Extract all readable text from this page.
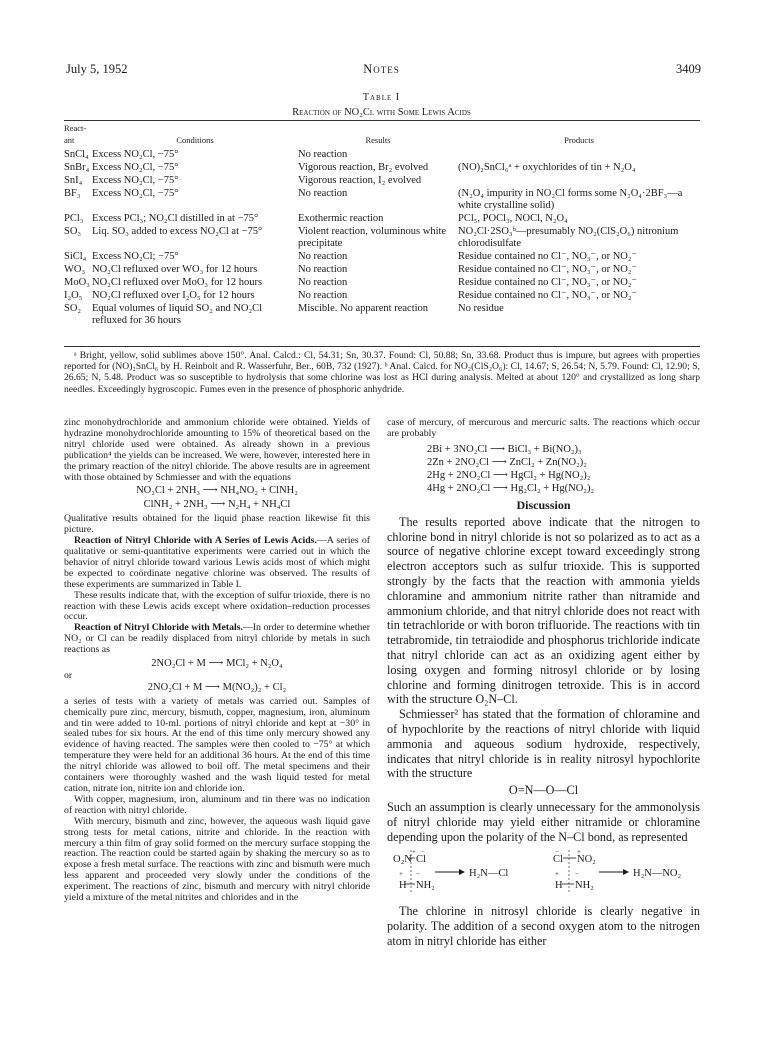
July 5, 1952	Notes	3409
Table I
Reaction of NO₂Cl with Some Lewis Acids
React-
ant	Conditions	Results	Products
SnCl₄	Excess NO₂Cl, −75°	No reaction	
SnBr₄	Excess NO₂Cl, −75°	Vigorous reaction, Br₂ evolved	(NO)₂SnCl₆ᵃ + oxychlorides of tin + N₂O₄
SnI₄	Excess NO₂Cl, −75°	Vigorous reaction, I₂ evolved	
BF₃	Excess NO₂Cl, −75°	No reaction	(N₂O₄ impurity in NO₂Cl forms some N₂O₄·2BF₃—a white crystalline solid)
PCl₃	Excess PCl₃; NO₂Cl distilled in at −75°	Exothermic reaction	PCl₅, POCl₃, NOCl, N₂O₄
SO₃	Liq. SO₃ added to excess NO₂Cl at −75°	Violent reaction, voluminous white precipitate	NO₂Cl·2SO₃ᵇ—presumably NO₂(ClS₂O₆) nitronium chlorodisulfate
SiCl₄	Excess NO₂Cl; −75°	No reaction	Residue contained no Cl⁻, NO₃⁻, or NO₂⁻
WO₃	NO₂Cl refluxed over WO₃ for 12 hours	No reaction	Residue contained no Cl⁻, NO₃⁻, or NO₂⁻
MoO₃	NO₂Cl refluxed over MoO₃ for 12 hours	No reaction	Residue contained no Cl⁻, NO₃⁻, or NO₂⁻
I₂O₅	NO₂Cl refluxed over I₂O₅ for 12 hours	No reaction	Residue contained no Cl⁻, NO₃⁻, or NO₂⁻
SO₂	Equal volumes of liquid SO₂ and NO₂Cl refluxed for 36 hours	Miscible. No apparent reaction	No residue

ᵃ Bright, yellow, solid sublimes above 150°. Anal. Calcd.: Cl, 54.31; Sn, 30.37. Found: Cl, 50.88; Sn, 33.68. Product thus is impure, but agrees with properties reported for (NO)₂SnCl₆ by H. Reinbolt and R. Wasserfuhr, Ber., 60B, 732 (1927). ᵇ Anal. Calcd. for NO₂(ClS₂O₆): Cl, 14.67; S, 26.54; N, 5.79. Found: Cl, 12.90; S, 26.65; N, 5.48. Product was so susceptible to hydrolysis that some chlorine was lost as HCl during analysis. Melted at about 120° and crystallized as long sharp needles. Exceedingly hygroscopic. Fumes even in the presence of phosphoric anhydride.

zinc monohydrochloride and ammonium chloride were obtained. Yields of hydrazine monohydrochloride amounting to 15% of theoretical based on the nitryl chloride used were obtained. As already shown in a previous publication⁴ the yields can be increased. We were, however, interested here in the primary reaction of the nitryl chloride. The above results are in agreement with those obtained by Schmiesser and with the equations

NO₂Cl + 2NH₃ ⟶ NH₄NO₂ + ClNH₂
ClNH₂ + 2NH₃ ⟶ N₂H₄ + NH₄Cl

Qualitative results obtained for the liquid phase reaction likewise fit this picture.

Reaction of Nitryl Chloride with A Series of Lewis Acids.—A series of qualitative or semi-quantitative experiments were carried out in which the behavior of nitryl chloride toward various Lewis acids most of which might be expected to coördinate negative chlorine was observed. The results of these experiments are summarized in Table I.

These results indicate that, with the exception of sulfur trioxide, there is no reaction with these Lewis acids except where oxidation–reduction processes occur.

Reaction of Nitryl Chloride with Metals.—In order to determine whether NO₂ or Cl can be readily displaced from nitryl chloride by metals in such reactions as

2NO₂Cl + M ⟶ MCl₂ + N₂O₄
or
2NO₂Cl + M ⟶ M(NO₂)₂ + Cl₂

a series of tests with a variety of metals was carried out. Samples of chemically pure zinc, mercury, bismuth, copper, magnesium, iron, aluminum and tin were added to 10-ml. portions of nitryl chloride and kept at −30° in sealed tubes for six hours. At the end of this time only mercury showed any evidence of having reacted. The samples were then cooled to −75° at which temperature they were held for an additional 36 hours. At the end of this time the nitryl chloride was allowed to boil off. The metal specimens and their containers were thoroughly washed and the wash liquid tested for metal cation, nitrate ion, nitrite ion and chloride ion.

With copper, magnesium, iron, aluminum and tin there was no indication of reaction with nitryl chloride.

With mercury, bismuth and zinc, however, the aqueous wash liquid gave strong tests for metal cations, nitrite and chloride. In the reaction with mercury a thin film of gray solid formed on the mercury surface stopping the reaction. The reaction could be started again by shaking the mercury so as to expose a fresh metal surface. The reactions with zinc and bismuth were much less apparent and proceeded very slowly under the conditions of the experiment. The reactions of zinc, bismuth and mercury with nitryl chloride yield a mixture of the metal nitrites and chlorides and in the

case of mercury, of mercurous and mercuric salts. The reactions which occur are probably

2Bi + 3NO₂Cl ⟶ BiCl₃ + Bi(NO₂)₃
2Zn + 2NO₂Cl ⟶ ZnCl₂ + Zn(NO₂)₂
2Hg + 2NO₂Cl ⟶ HgCl₂ + Hg(NO₂)₂
4Hg + 2NO₂Cl ⟶ Hg₂Cl₂ + Hg(NO₂)₂
Discussion

The results reported above indicate that the nitrogen to chlorine bond in nitryl chloride is not so polarized as to act as a source of negative chlorine except toward exceedingly strong electron acceptors such as sulfur trioxide. This is supported strongly by the facts that the reaction with ammonia yields chloramine and ammonium nitrite rather than nitramide and ammonium chloride, and that nitryl chloride does not react with tin tetrachloride or with boron trifluoride. The reactions with tin tetrabromide, tin tetraiodide and phosphorus trichloride indicate that nitryl chloride can act as an oxidizing agent either by losing oxygen and forming nitrosyl chloride or by losing chlorine and forming dinitrogen tetroxide. This is in accord with the structure O₂N–Cl.

Schmiesser² has stated that the formation of chloramine and of hypochlorite by the reactions of nitryl chloride with liquid ammonia and aqueous sodium hydroxide, respectively, indicates that nitryl chloride is in reality nitrosyl hypochlorite with the structure

O=N—O—Cl

Such an assumption is clearly unnecessary for the ammonolysis of nitryl chloride may yield either nitramide or chloramine depending upon the polarity of the N–Cl bond, as represented

O₂N Cl
+ −
H NH₂
+ −	H₂N—Cl
Cl NO₂
−	+
H NH₂
+ −	H₂N—NO₂

The chlorine in nitrosyl chloride is clearly negative in polarity. The addition of a second oxygen atom to the nitrogen atom in nitryl chloride has either
